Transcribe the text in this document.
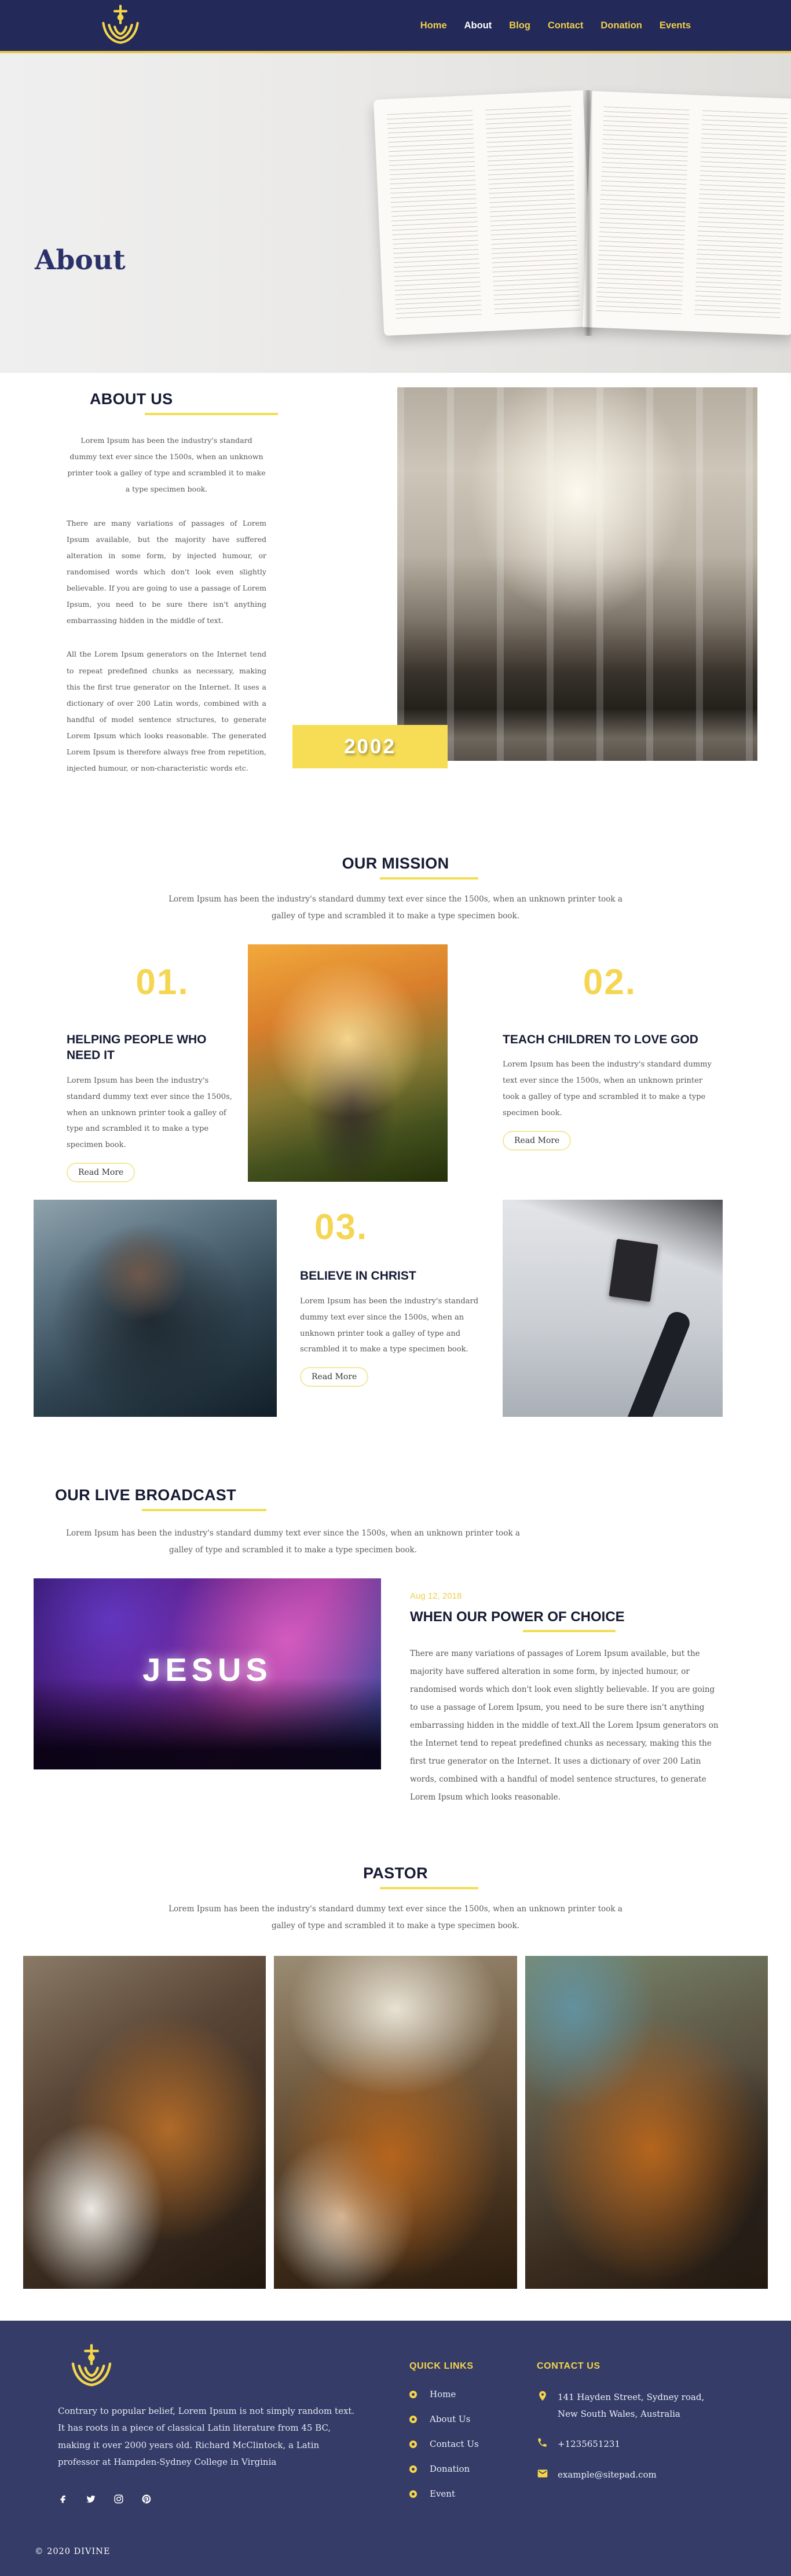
Home About Blog Contact Donation Events
About
ABOUT US

Lorem Ipsum has been the industry's standard dummy text ever since the 1500s, when an unknown printer took a galley of type and scrambled it to make a type specimen book.

There are many variations of passages of Lorem Ipsum available, but the majority have suffered alteration in some form, by injected humour, or randomised words which don't look even slightly believable. If you are going to use a passage of Lorem Ipsum, you need to be sure there isn't anything embarrassing hidden in the middle of text.

All the Lorem Ipsum generators on the Internet tend to repeat predefined chunks as necessary, making this the first true generator on the Internet. It uses a dictionary of over 200 Latin words, combined with a handful of model sentence structures, to generate Lorem Ipsum which looks reasonable. The generated Lorem Ipsum is therefore always free from repetition, injected humour, or non-characteristic words etc.

2002
OUR MISSION

Lorem Ipsum has been the industry's standard dummy text ever since the 1500s, when an unknown printer took a galley of type and scrambled it to make a type specimen book.

01.
HELPING PEOPLE WHO NEED IT

Lorem Ipsum has been the industry's standard dummy text ever since the 1500s, when an unknown printer took a galley of type and scrambled it to make a type specimen book.

Read More
02.
TEACH CHILDREN TO LOVE GOD

Lorem Ipsum has been the industry's standard dummy text ever since the 1500s, when an unknown printer took a galley of type and scrambled it to make a type specimen book.

Read More
03.
BELIEVE IN CHRIST

Lorem Ipsum has been the industry's standard dummy text ever since the 1500s, when an unknown printer took a galley of type and scrambled it to make a type specimen book.

Read More
OUR LIVE BROADCAST

Lorem Ipsum has been the industry's standard dummy text ever since the 1500s, when an unknown printer took a galley of type and scrambled it to make a type specimen book.

JESUS
Aug 12, 2018
WHEN OUR POWER OF CHOICE

There are many variations of passages of Lorem Ipsum available, but the majority have suffered alteration in some form, by injected humour, or randomised words which don't look even slightly believable. If you are going to use a passage of Lorem Ipsum, you need to be sure there isn't anything embarrassing hidden in the middle of text.All the Lorem Ipsum generators on the Internet tend to repeat predefined chunks as necessary, making this the first true generator on the Internet. It uses a dictionary of over 200 Latin words, combined with a handful of model sentence structures, to generate Lorem Ipsum which looks reasonable.

PASTOR

Lorem Ipsum has been the industry's standard dummy text ever since the 1500s, when an unknown printer took a galley of type and scrambled it to make a type specimen book.

Contrary to popular belief, Lorem Ipsum is not simply random text. It has roots in a piece of classical Latin literature from 45 BC, making it over 2000 years old. Richard McClintock, a Latin professor at Hampden-Sydney College in Virginia

QUICK LINKS
Home
About Us
Contact Us
Donation
Event
CONTACT US
141 Hayden Street, Sydney road,
New South Wales, Australia
+1235651231
example@sitepad.com
© 2020 DIVINE
